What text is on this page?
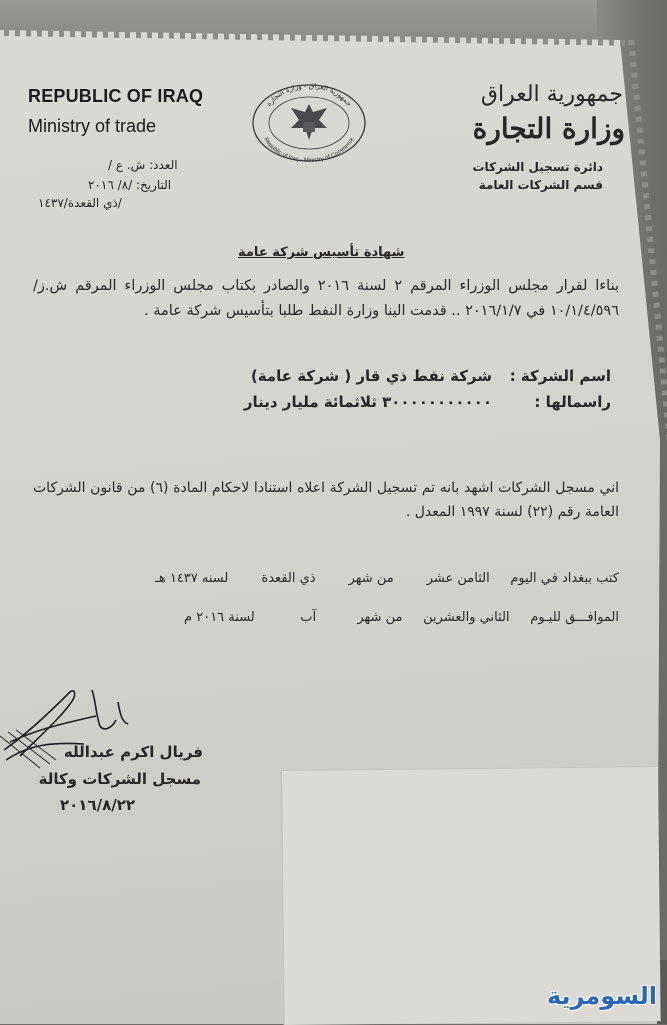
REPUBLIC OF IRAQ
Ministry of trade
جمهورية العراق - وزارة التجارة
Republic of Iraq - Ministry of Commerce
جمهورية العراق
وزارة التجارة
دائرة تسجيل الشركات
قسم الشركات العامة
العدد: ش. ع /
التاريخ: /٨/ ٢٠١٦
/ذي القعدة/١٤٣٧
شهادة تأسيس شركة عامة
بناءا لقرار مجلس الوزراء المرقم ٢ لسنة ٢٠١٦ والصادر بكتاب مجلس الوزراء المرقم ش.ز/١٠/١/٤/٥٩٦ في ٢٠١٦/١/٧ .. قدمت الينا وزارة النفط طلبا بتأسيس شركة عامة .
اسم الشركة :
شركة نفط ذي قار ( شركة عامة)
راسمالها :
٣٠٠٠٠٠٠٠٠٠٠٠ ثلاثمائة مليار دينار
اني مسجل الشركات اشهد بانه تم تسجيل الشركة اعلاه استنادا لاحكام المادة (٦) من قانون الشركات العامة رقم (٢٢) لسنة ١٩٩٧ المعدل .
كتب ببغداد في اليوم     الثامن عشر        من شهر        ذي القعدة        لسنه ١٤٣٧ هـ
الموافـــق لليـوم     الثاني والعشرين     من شهر          آب           لسنة ٢٠١٦ م
فريال اكرم عبدالله
مسجل الشركات وكالة
٢٠١٦/٨/٢٢
السومرية
